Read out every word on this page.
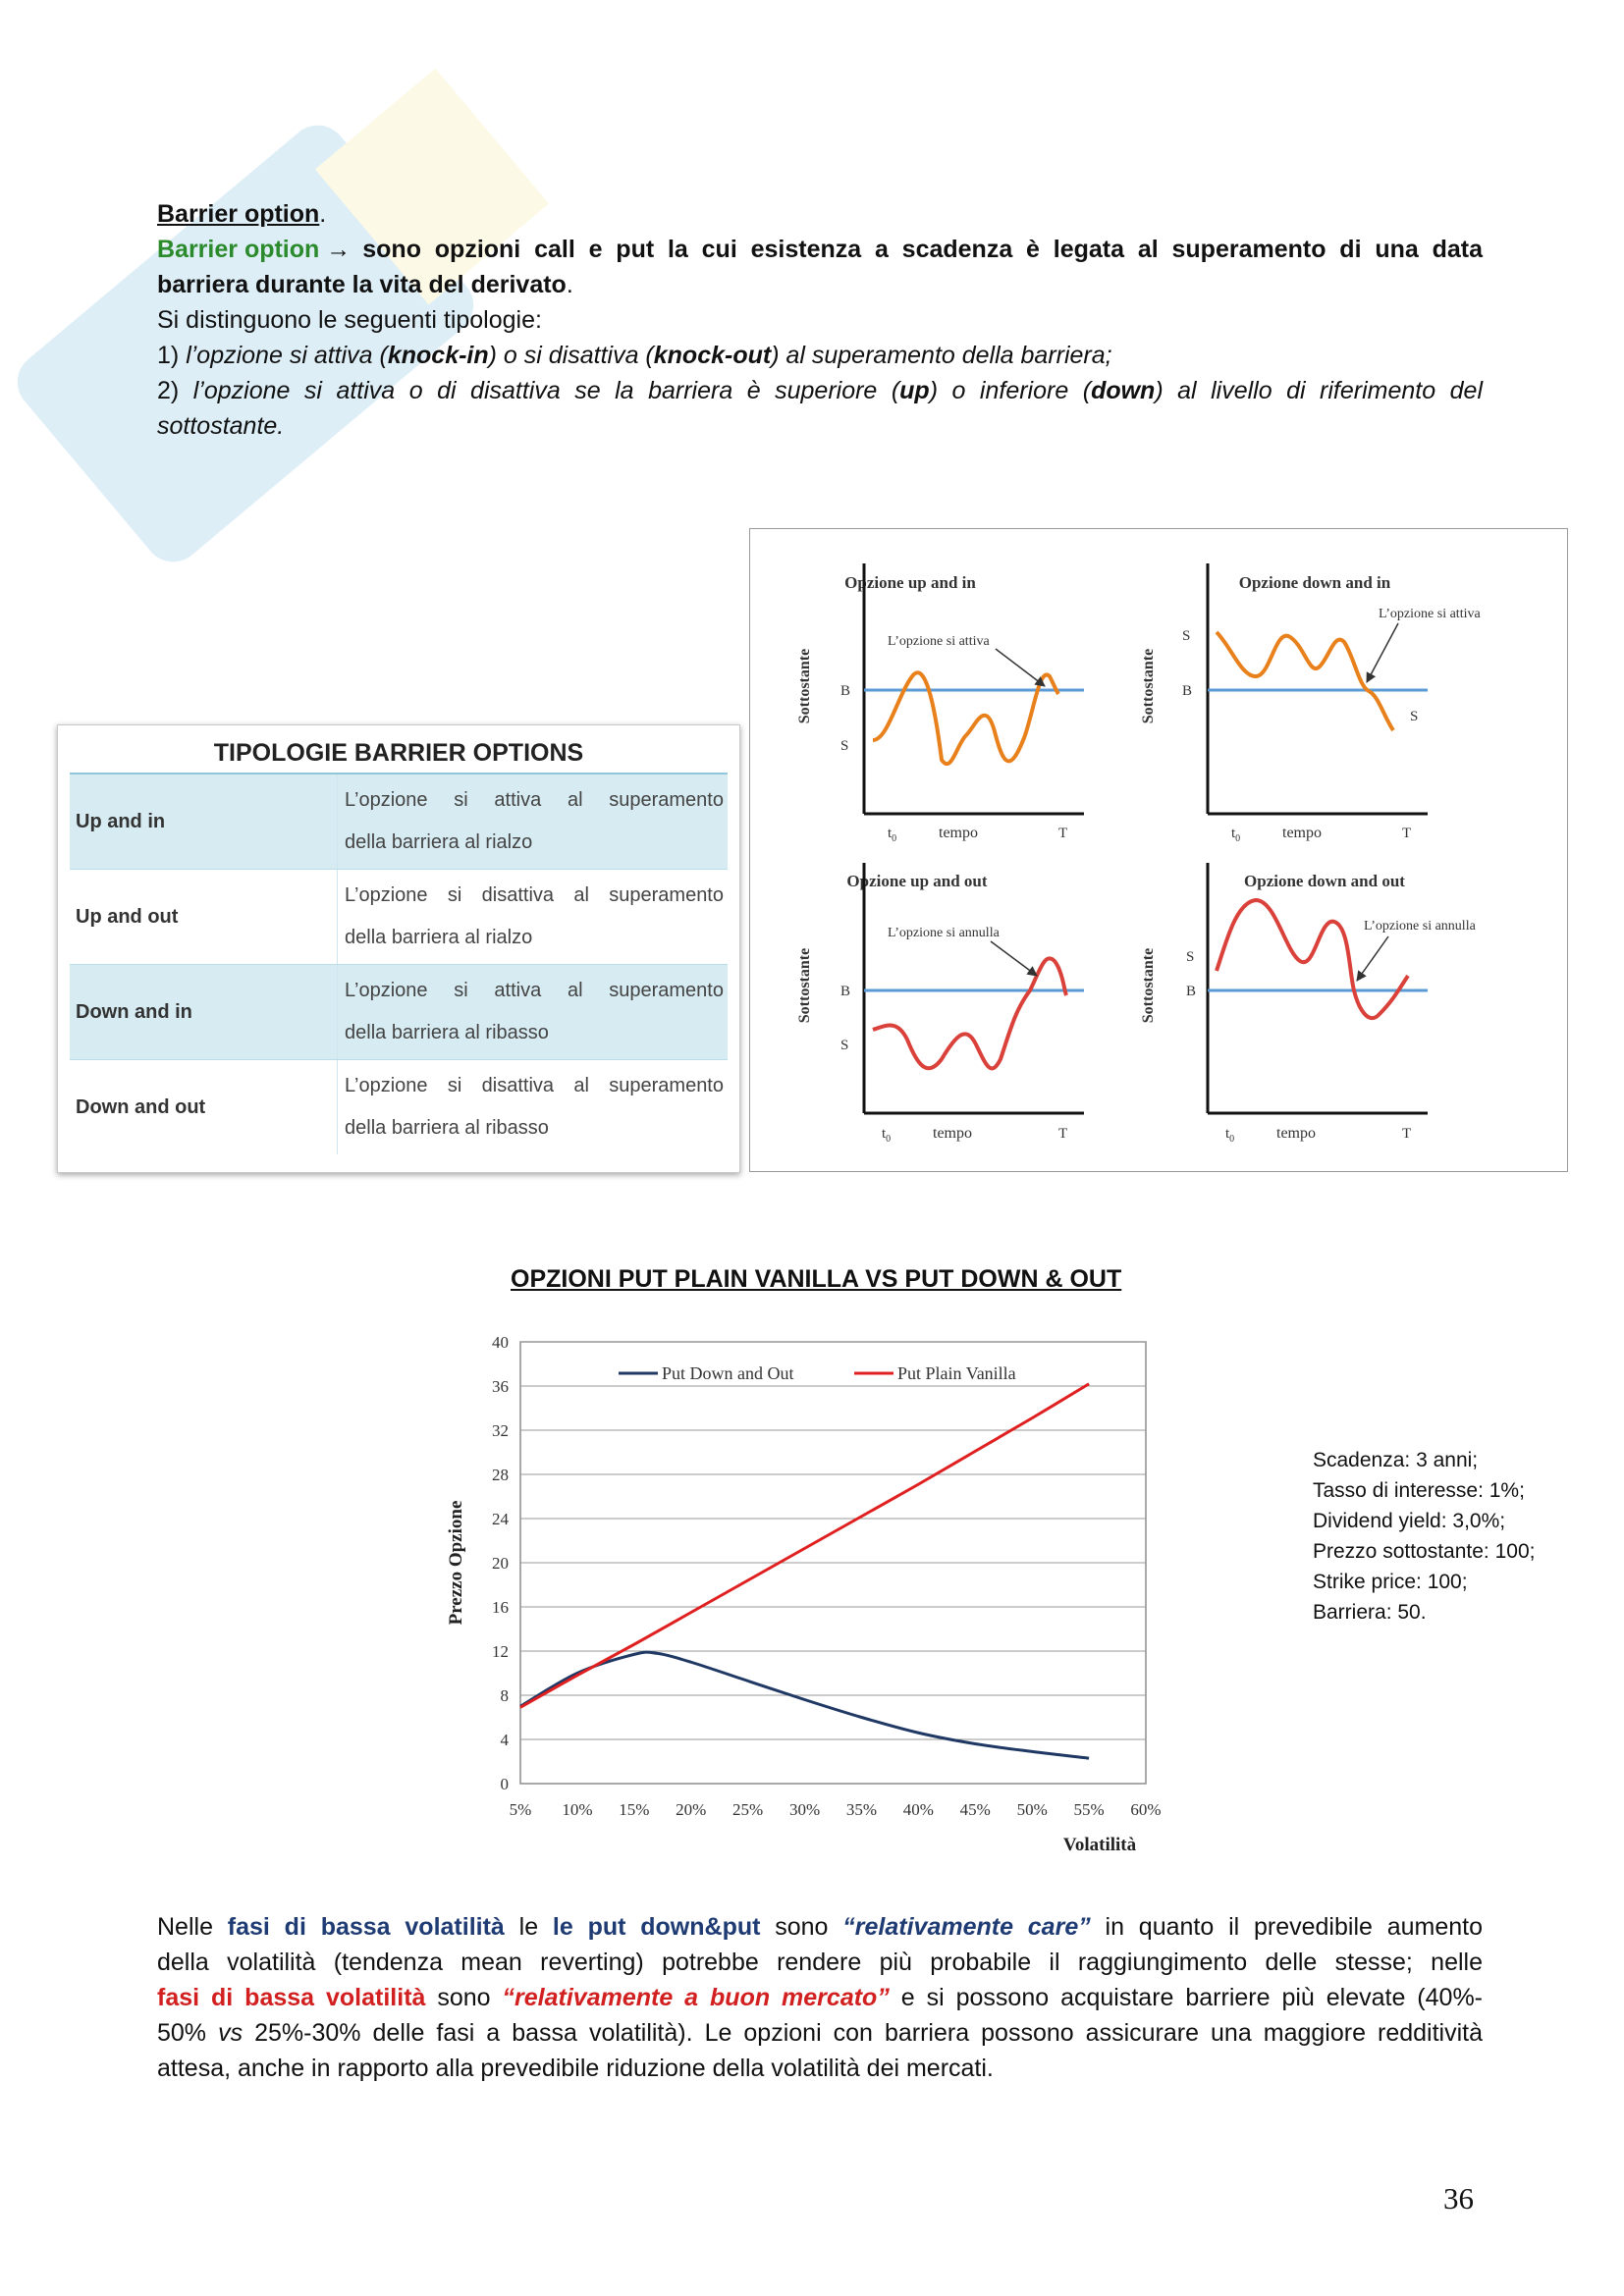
Barrier option.
Barrier option → sono opzioni call e put la cui esistenza a scadenza è legata al superamento di una data
barriera durante la vita del derivato.
Si distinguono le seguenti tipologie:
1) l’opzione si attiva (knock-in) o si disattiva (knock-out) al superamento della barriera;
2) l’opzione si attiva o di disattiva se la barriera è superiore (up) o inferiore (down) al livello di riferimento del
sottostante.
TIPOLOGIE BARRIER OPTIONS
Up and in
L’opzione si attiva al superamento
della barriera al rialzo
Up and out
L’opzione si disattiva al superamento
della barriera al rialzo
Down and in
L’opzione si attiva al superamento
della barriera al ribasso
Down and out
L’opzione si disattiva al superamento
della barriera al ribasso
Opzione up and in
Sottostante B
S
L’opzione si attiva
$t_0$	tempo	T
Opzione down and in
Sottostante
S
B
L’opzione si attiva
S
$t_0$	tempo	T
Opzione up and out
Sottostante B
S
L’opzione si annulla
$t_0$	tempo	T
Opzione down and out
Sottostante S
B
L’opzione si annulla
$t_0$	tempo	T
OPZIONI PUT PLAIN VANILLA VS PUT DOWN & OUT
0
4
8
12
16
20
24
28
32
36
40
5% 10% 15% 20% 25% 30% 35% 40% 45% 50% 55% 60%
Put Down and Out	Put Plain Vanilla
Prezzo Opzione
Volatilità
Scadenza: 3 anni;
Tasso di interesse: 1%;
Dividend yield: 3,0%;
Prezzo sottostante: 100;
Strike price: 100;
Barriera: 50.
Nelle fasi di bassa volatilità le le put down&put sono “relativamente care” in quanto il prevedibile aumento
della volatilità (tendenza mean reverting) potrebbe rendere più probabile il raggiungimento delle stesse; nelle
fasi di bassa volatilità sono “relativamente a buon mercato” e si possono acquistare barriere più elevate (40%-
50% vs 25%-30% delle fasi a bassa volatilità). Le opzioni con barriera possono assicurare una maggiore redditività
attesa, anche in rapporto alla prevedibile riduzione della volatilità dei mercati.
36
